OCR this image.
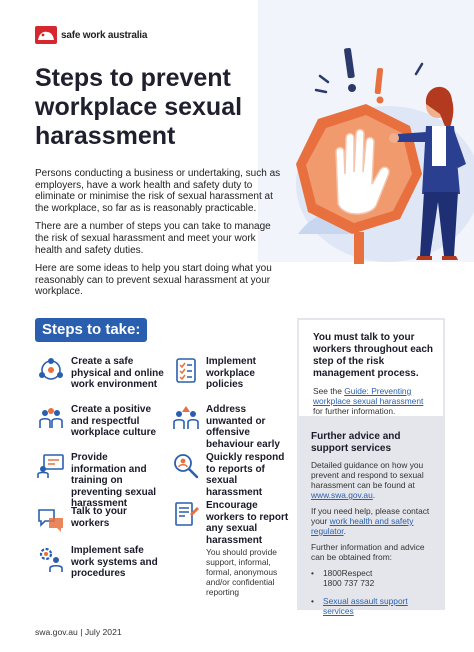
safe work australia
Steps to prevent workplace sexual harassment

Persons conducting a business or undertaking, such as employers, have a work health and safety duty to eliminate or minimise the risk of sexual harassment at the workplace, so far as is reasonably practicable.

There are a number of steps you can take to manage the risk of sexual harassment and meet your work health and safety duties.

Here are some ideas to help you start doing what you reasonably can to prevent sexual harassment at your workplace.

Steps to take:
Create a safe physical and online work environment
Implement workplace policies
Create a positive and respectful workplace culture
Address unwanted or offensive behaviour early
Provide information and training on preventing sexual harassment
Quickly respond to reports of sexual harassment
Talk to your workers
Encourage workers to report any sexual harassment
You should provide support, informal, formal, anonymous and/or confidential reporting
Implement safe work systems and procedures
You must talk to your workers throughout each step of the risk management process.
See the Guide: Preventing workplace sexual harassment for further information.
Further advice and support services
Detailed guidance on how you prevent and respond to sexual harassment can be found at www.swa.gov.au.
If you need help, please contact your work health and safety regulator.
Further information and advice can be obtained from:
• 1800Respect
1800 737 732
• Sexual assault support services
swa.gov.au | July 2021
